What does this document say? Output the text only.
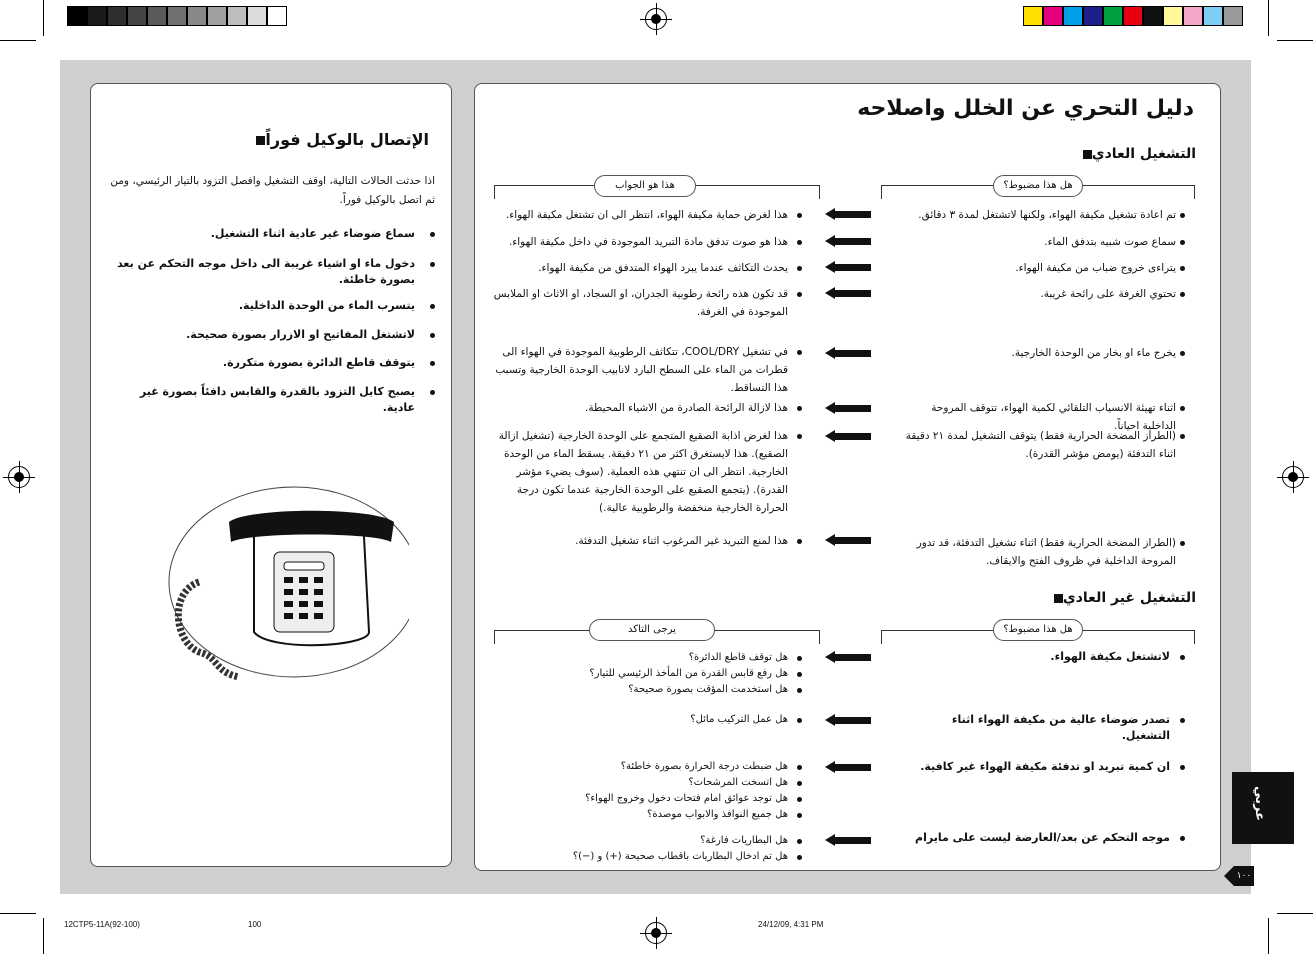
الإتصال بالوكيل فوراً
اذا حدثت الحالات التالية، اوقف التشغيل وافصل التزود بالتيار الرئيسي، ومن ثم اتصل بالوكيل فوراً.
سماع ضوضاء غير عادية اثناء التشغيل.
دخول ماء او اشياء غريبة الى داخل موجه التحكم عن بعد بصورة خاطئة.
يتسرب الماء من الوحدة الداخلية.
لاتشتغل المفاتيح او الازرار بصورة صحيحة.
يتوقف قاطع الدائرة بصورة متكررة.
يصبح كابل التزود بالقدرة والقابس دافئاً بصورة غير عادية.
دليل التحري عن الخلل واصلاحه
التشغيل العادي
التشغيل غير العادي
هل هذا مضبوط؟
هذا هو الجواب
هل هذا مضبوط؟
يرجى التاكد
تم اعادة تشغيل مكيفة الهواء، ولكنها لاتشتغل لمدة ٣ دقائق.
سماع صوت شبيه بتدفق الماء.
يتراءى خروج ضباب من مكيفة الهواء.
تحتوي الغرفة على رائحة غريبة.
يخرج ماء او بخار من الوحدة الخارجية.
اثناء تهيئة الانسياب التلقائي لكمية الهواء، تتوقف المروحة الداخلية احياناً.
(الطراز المضخة الحرارية فقط) يتوقف التشغيل لمدة ٢١ دقيقة اثناء التدفئة (يومض مؤشر القدرة).
(الطراز المضخة الحرارية فقط) اثناء تشغيل التدفئة، قد تدور المروحة الداخلية في ظروف الفتح والايقاف.
هذا لغرض حماية مكيفة الهواء، انتظر الى ان تشتغل مكيفة الهواء.
هذا هو صوت تدفق مادة التبريد الموجودة في داخل مكيفة الهواء.
يحدث التكاثف عندما يبرد الهواء المتدفق من مكيفة الهواء.
قد تكون هذه رائحة رطوبية الجدران، او السجاد، او الاثاث او الملابس الموجودة في الغرفة.
في تشغيل COOL/DRY، تتكاثف الرطوبية الموجودة في الهواء الى قطرات من الماء على السطح البارد لانابيب الوحدة الخارجية وتسبب هذا التساقط.
هذا لازالة الرائحة الصادرة من الاشياء المحيطة.
هذا لغرض اذابة الصقيع المتجمع على الوحدة الخارجية (تشغيل ازالة الصقيع). هذا لايستغرق اكثر من ٢١ دقيقة. يسقط الماء من الوحدة الخارجية. انتظر الى ان تنتهي هذه العملية. (سوف يضيء مؤشر القدرة). (يتجمع الصقيع على الوحدة الخارجية عندما تكون درجة الحرارة الخارجية منخفضة والرطوبية عالية.)
هذا لمنع التبريد غير المرغوب اثناء تشغيل التدفئة.
لاتشتغل مكيفة الهواء.
تصدر ضوضاء عالية من مكيفة الهواء اثناء التشغيل.
ان كمية تبريد او تدفئة مكيفة الهواء غير كافية.
موجه التحكم عن بعد/العارضة ليست على مايرام
هل توقف قاطع الدائرة؟
هل رفع قابس القدرة من المأخذ الرئيسي للتيار؟
هل استخدمت المؤقت بصورة صحيحة؟
هل عمل التركيب مائل؟
هل ضبطت درجة الحرارة بصورة خاطئة؟
هل اتسخت المرشحات؟
هل توجد عوائق امام فتحات دخول وخروج الهواء؟
هل جميع النوافذ والابواب موصدة؟
هل البطاريات فارغة؟
هل تم ادخال البطاريات باقطاب صحيحة (+) و (−)؟
عربي
١٠٠
12CTP5-11A(92-100)	100	24/12/09, 4:31 PM
